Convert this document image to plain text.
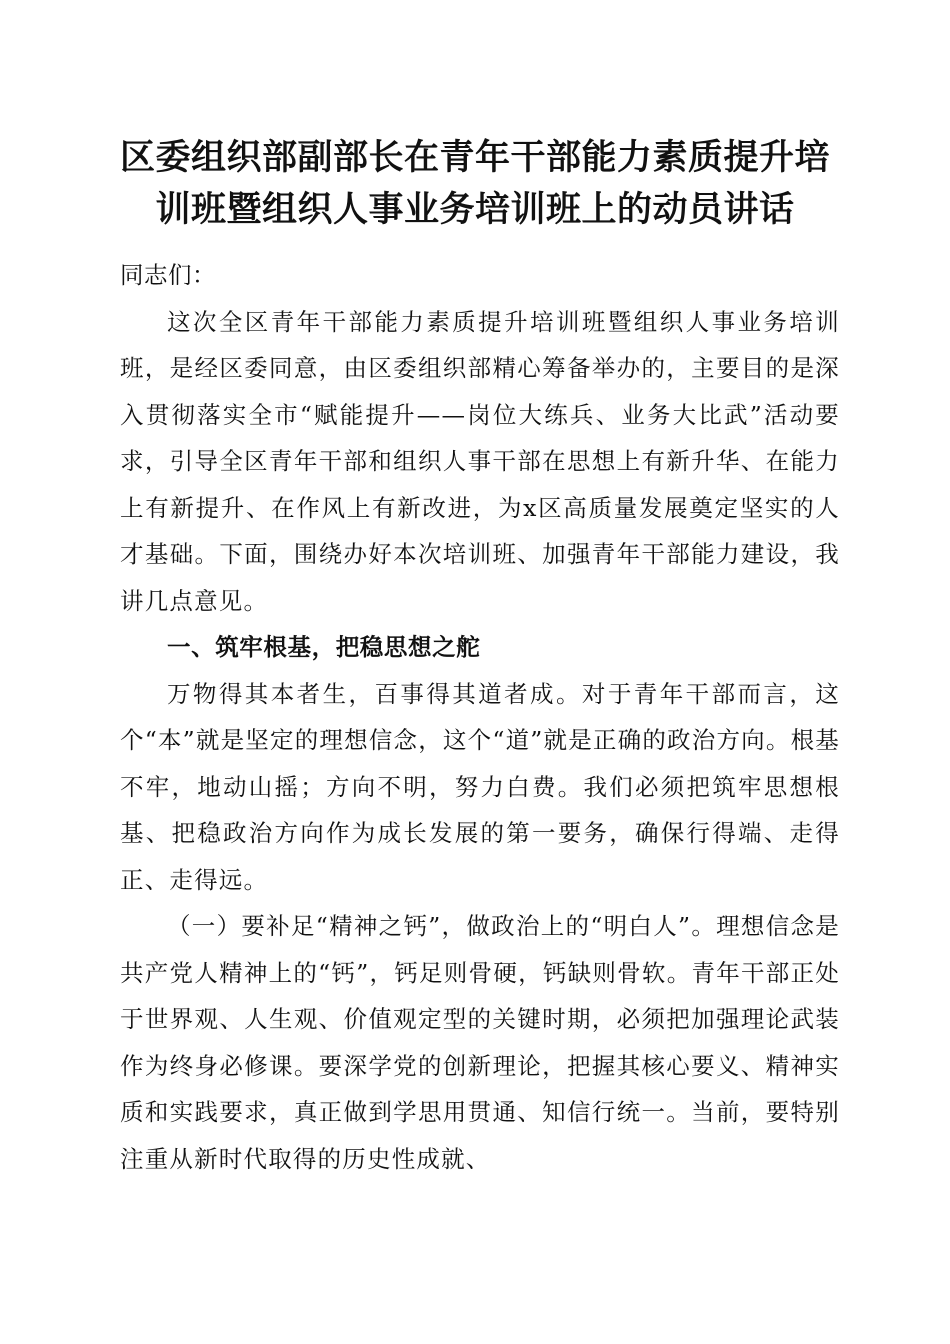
区委组织部副部长在青年干部能力素质提升培
训班暨组织人事业务培训班上的动员讲话

同志们：

这次全区青年干部能力素质提升培训班暨组织人事业务培训班，是经区委同意，由区委组织部精心筹备举办的，主要目的是深入贯彻落实全市“赋能提升——岗位大练兵、业务大比武”活动要求，引导全区青年干部和组织人事干部在思想上有新升华、在能力上有新提升、在作风上有新改进，为x区高质量发展奠定坚实的人才基础。下面，围绕办好本次培训班、加强青年干部能力建设，我讲几点意见。

一、筑牢根基，把稳思想之舵

万物得其本者生，百事得其道者成。对于青年干部而言，这个“本”就是坚定的理想信念，这个“道”就是正确的政治方向。根基不牢，地动山摇；方向不明，努力白费。我们必须把筑牢思想根基、把稳政治方向作为成长发展的第一要务，确保行得端、走得正、走得远。

（一）要补足“精神之钙”，做政治上的“明白人”。理想信念是共产党人精神上的“钙”，钙足则骨硬，钙缺则骨软。青年干部正处于世界观、人生观、价值观定型的关键时期，必须把加强理论武装作为终身必修课。要深学党的创新理论，把握其核心要义、精神实质和实践要求，真正做到学思用贯通、知信行统一。当前，要特别注重从新时代取得的历史性成就、
